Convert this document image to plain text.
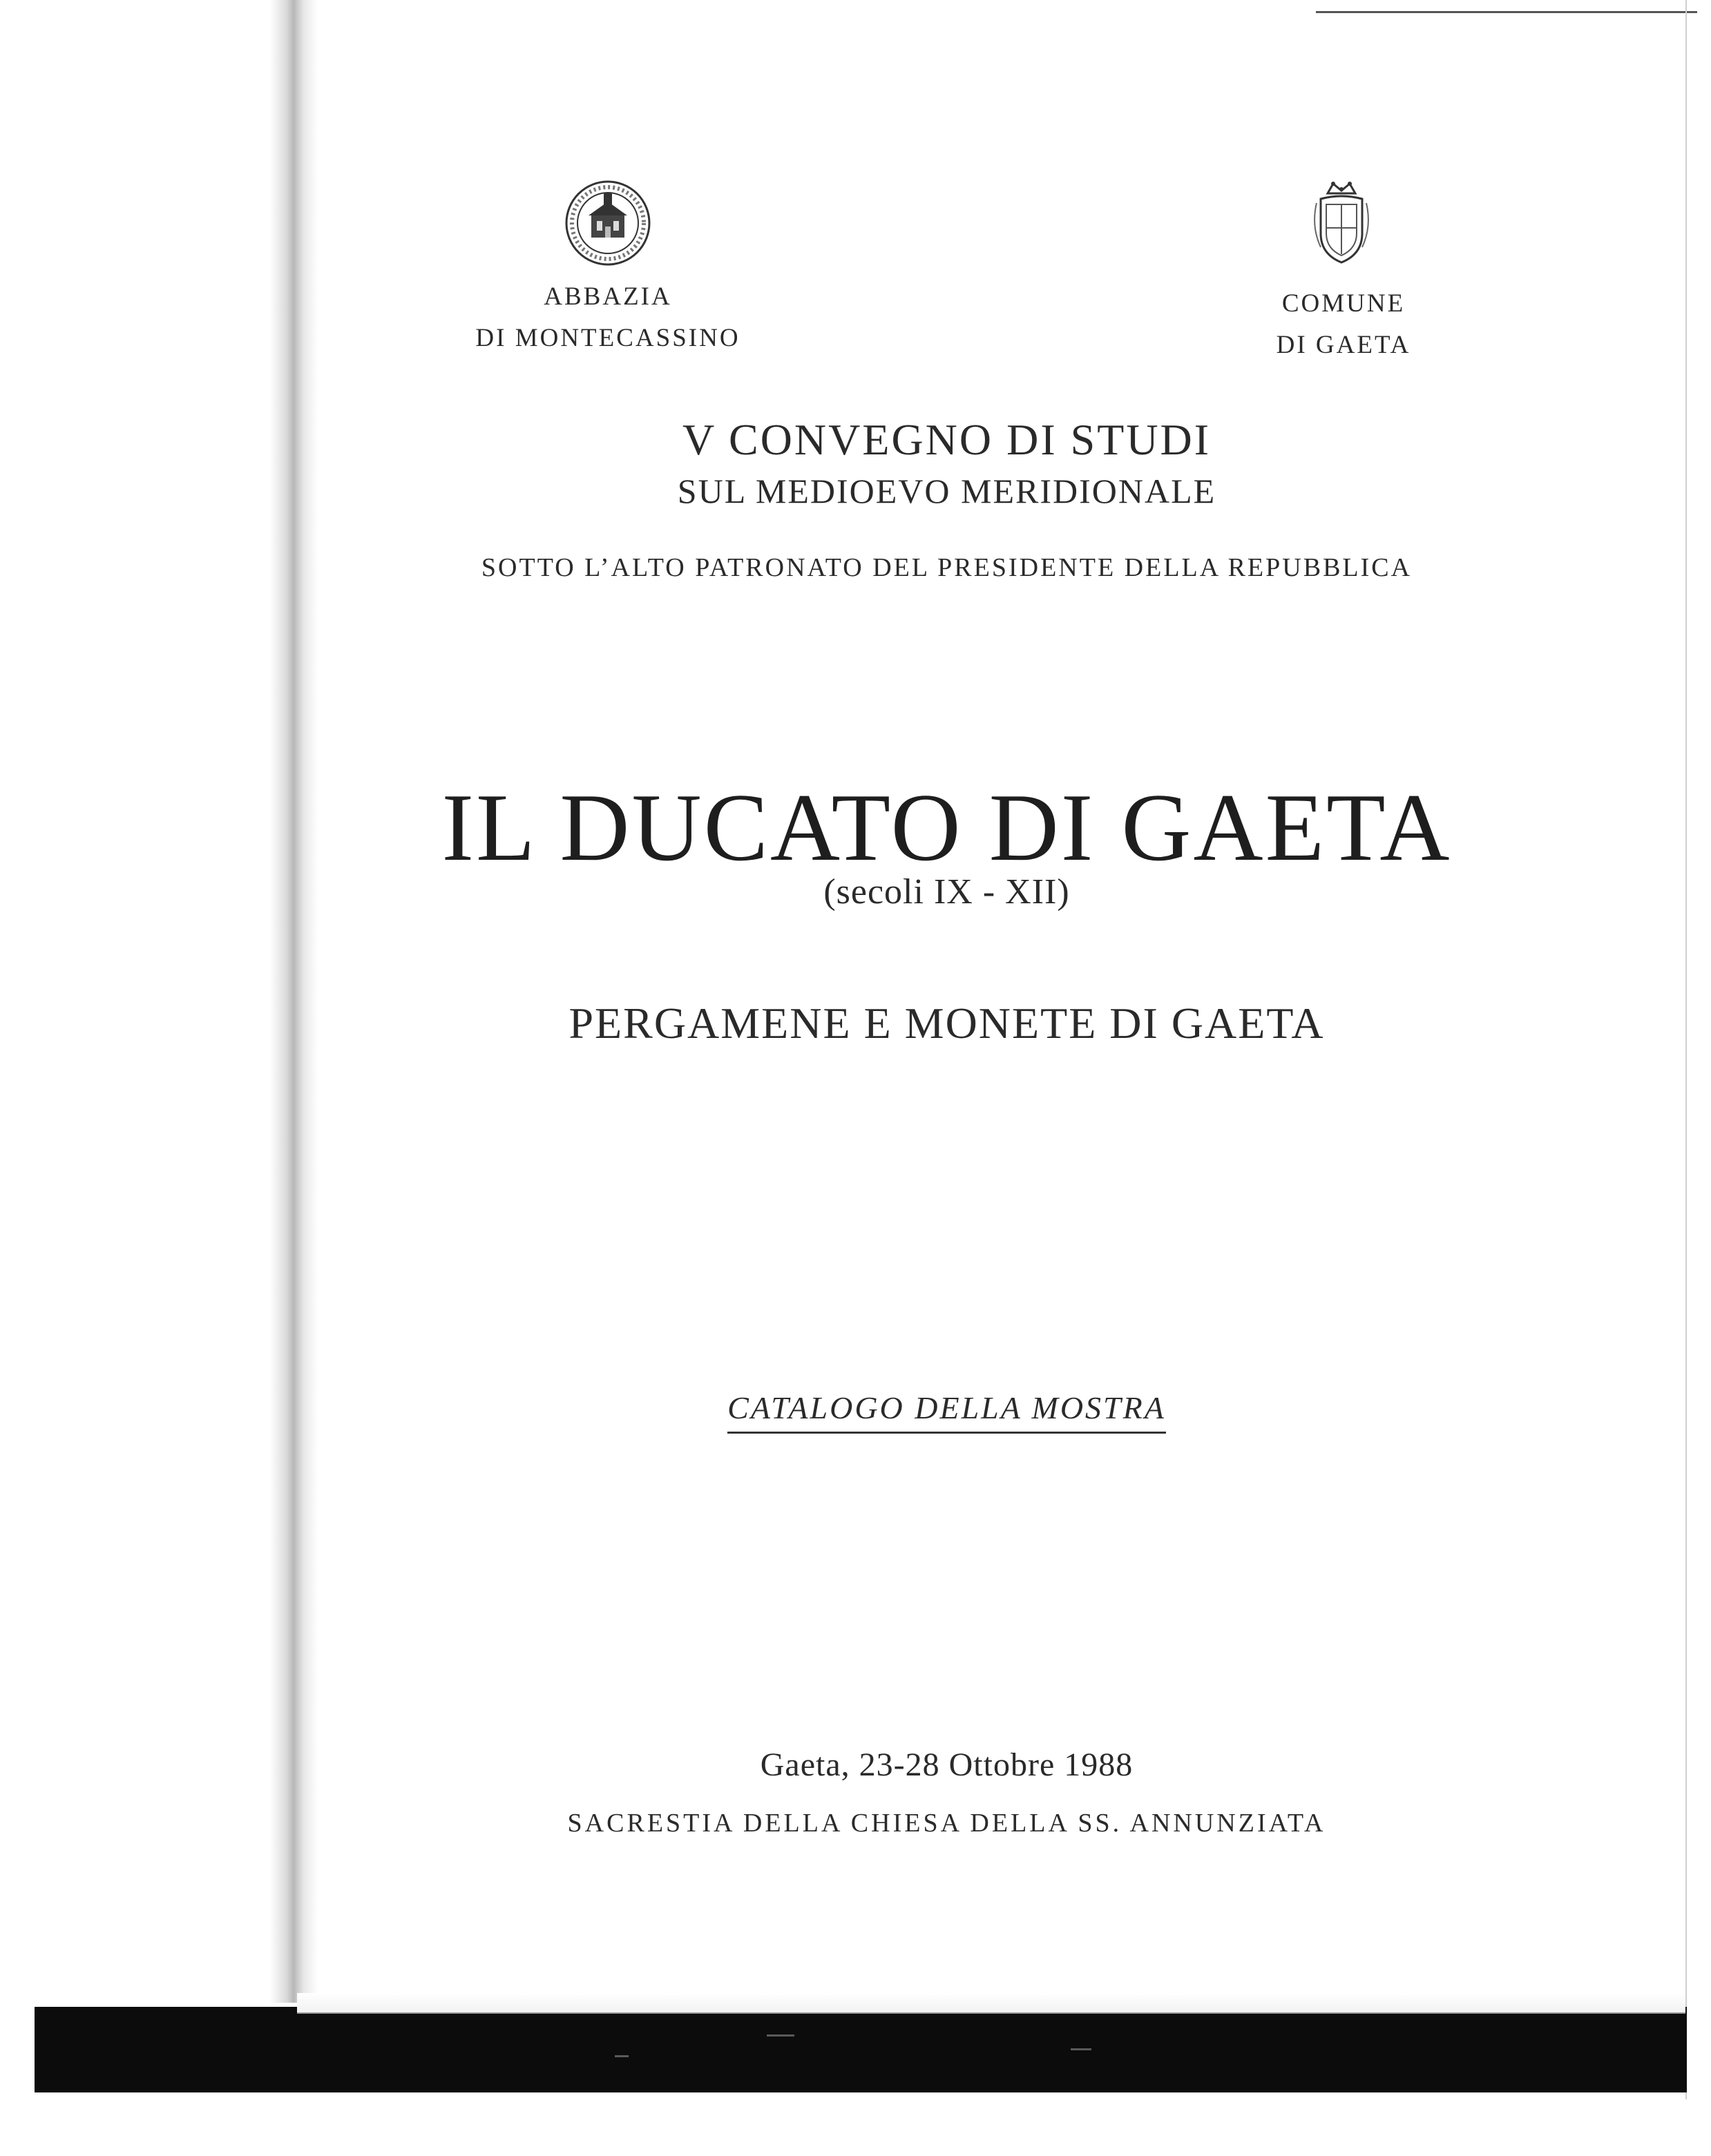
ABBAZIA
DI MONTECASSINO
COMUNE
DI GAETA
V CONVEGNO DI STUDI
SUL MEDIOEVO MERIDIONALE
SOTTO L’ALTO PATRONATO DEL PRESIDENTE DELLA REPUBBLICA
IL DUCATO DI GAETA
(secoli IX - XII)
PERGAMENE E MONETE DI GAETA
CATALOGO DELLA MOSTRA
Gaeta, 23-28 Ottobre 1988
SACRESTIA DELLA CHIESA DELLA SS. ANNUNZIATA
